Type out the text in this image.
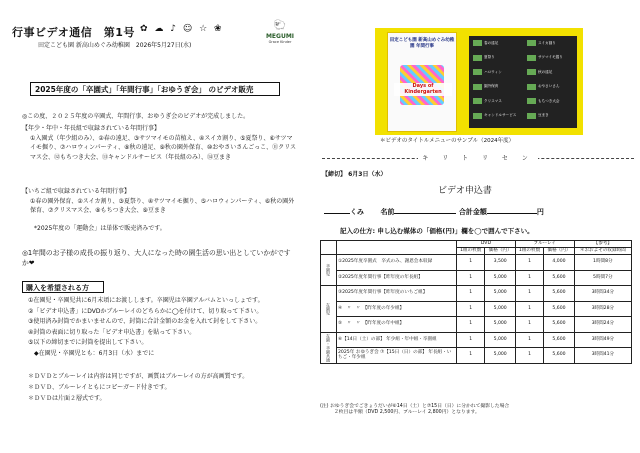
行事ビデオ通信　第1号 ✿ ☁ ♪ ☺ ☆ ❀	🐑
MEGUMI
Grace Kinder
田定こども園 新高山めぐみ幼稚園　2026年5月27日(水)
2025年度の「卒園式」「年間行事」「おゆうぎ会」 のビデオ販売
◎この度、２０２５年度の卒園式、年間行事、おゆうぎ会のビデオが完成しました。
【年少・年中・年長組で収録されている年間行事】
①入園式（年少組のみ）、②春の遠足、③サツマイモの苗植え、④スイカ割り、⑤夏祭り、⑥サツマイモ掘り、⑦ハロウィンパーティ、⑧秋の遠足、⑨秋の園外保育、⑩おやさいさんごっこ、⑪クリスマス会、⑫もちつき大会、⑬キャンドルサービス（年長組のみ）、⑭豆まき
【いちご組で収録されている年間行事】
①春の園外保育、②スイカ割り、③夏祭り、④サツマイモ掘り、⑤ハロウィンパーティ、⑥秋の園外保育、⑦クリスマス会、⑧もちつき大会、⑨豆まき
*2025年度の「運動会」は単体で販売済みです。
◎1年間のお子様の成長の振り返り、大人になった時の園生活の思い出としていかがですか❤
購入を希望される方
①在園児・卒園児共に6月末頃にお渡しします。卒園児は卒園アルバムといっしょです。
②「ビデオ申込書」にDVDかブルーレイのどちらかに◯を付けて、切り取って下さい。
③使用済み封筒でかまいませんので、封筒に合計金額のお金を入れて封をして下さい。
④封筒の表面に切り取った「ビデオ申込書」を貼って下さい。
⑤以下の締切までに封筒を提出して下さい。
◆在園児・卒園児とも：6月3日（水）までに
＊ＤＶＤとブルーレイは内容は同じですが、画質はブルーレイの方が高画質です。
＊ＤＶＤ、ブルーレイともにコピーガード付きです。
＊ＤＶＤは片面２層式です。
田定こども園 新高山めぐみ幼稚園 年間行事
Days of Kindergarten
春の遠足	スイカ割り
夏祭り	サツマイモ掘り
ハロウィン	秋の遠足
園外保育	おやさいさん
クリスマス	もちつき大会
キャンドルサービス	豆まき
＊ビデオのタイトルメニューのサンプル（2024年度）
キ リ ト リ セ ン
【締切】 6月3日（水）
ビデオ申込書
くみ 名前	合計金額	円
記入の仕方: 申し込む媒体の「価格(円)」欄を◯で囲んで下さい。
		DVD		ブルーレイ		【参考】
		1組の枚数	価格（円）	1組の枚数	価格（円）	＊おおよその収録時間
卒園児	①2025年度卒園式　卒式のみ、謝恩会本収録	1	3,500	1	4,000	1時間8分
	②2025年度年間行事【昨年度の年長組】	1	5,000	1	5,600	5時間7分
在園児	③2025年度年間行事【昨年度のいちご組】	1	5,000	1	5,600	3時間34分
	④　〃　〃　【昨年度の年少組】	1	5,000	1	5,600	3時間28分
	⑤　〃　〃　【昨年度の年中組】	1	5,000	1	5,600	3時間24分
在園・卒園共通	⑥【14日（土）の部】 年少組・年中組・卒園組	1	5,000	1	5,600	3時間49分
	2025年 おゆうぎ会 ⑦【15日（日）の部】 年長組・いちご・年少組	1	5,000	1	5,600	3時間41分
(注) おゆうぎ会でごきょうだいが⑥14日（土）と⑦15日（日）に分かれて撮影した場合
２枚目は半額（DVD 2,500円、ブルーレイ 2,800円）となります。
